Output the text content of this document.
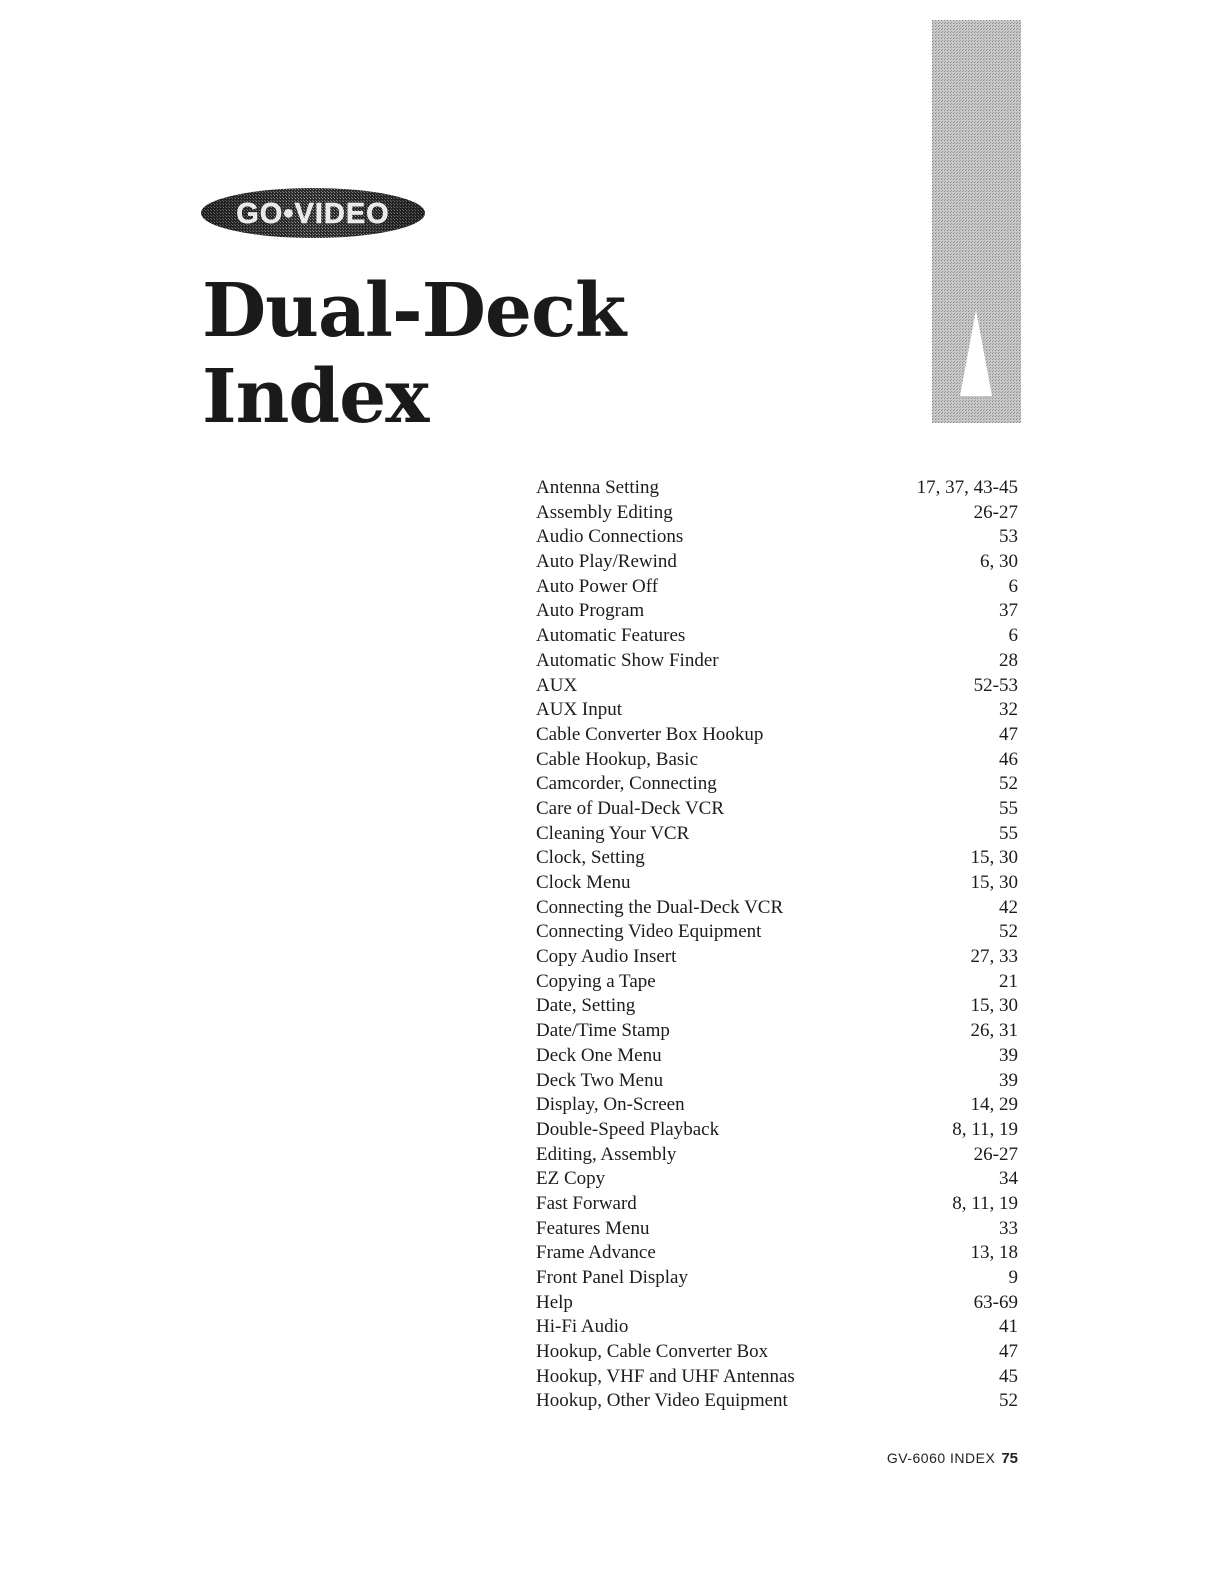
GO•VIDEO
Dual-Deck
Index
Antenna Setting	17, 37, 43-45
Assembly Editing	26-27
Audio Connections	53
Auto Play/Rewind	6, 30
Auto Power Off	6
Auto Program	37
Automatic Features	6
Automatic Show Finder	28
AUX	52-53
AUX Input	32
Cable Converter Box Hookup	47
Cable Hookup, Basic	46
Camcorder, Connecting	52
Care of Dual-Deck VCR	55
Cleaning Your VCR	55
Clock, Setting	15, 30
Clock Menu	15, 30
Connecting the Dual-Deck VCR	42
Connecting Video Equipment	52
Copy Audio Insert	27, 33
Copying a Tape	21
Date, Setting	15, 30
Date/Time Stamp	26, 31
Deck One Menu	39
Deck Two Menu	39
Display, On-Screen	14, 29
Double-Speed Playback	8, 11, 19
Editing, Assembly	26-27
EZ Copy	34
Fast Forward	8, 11, 19
Features Menu	33
Frame Advance	13, 18
Front Panel Display	9
Help	63-69
Hi-Fi Audio	41
Hookup, Cable Converter Box	47
Hookup, VHF and UHF Antennas	45
Hookup, Other Video Equipment	52
GV-6060 INDEX 75
